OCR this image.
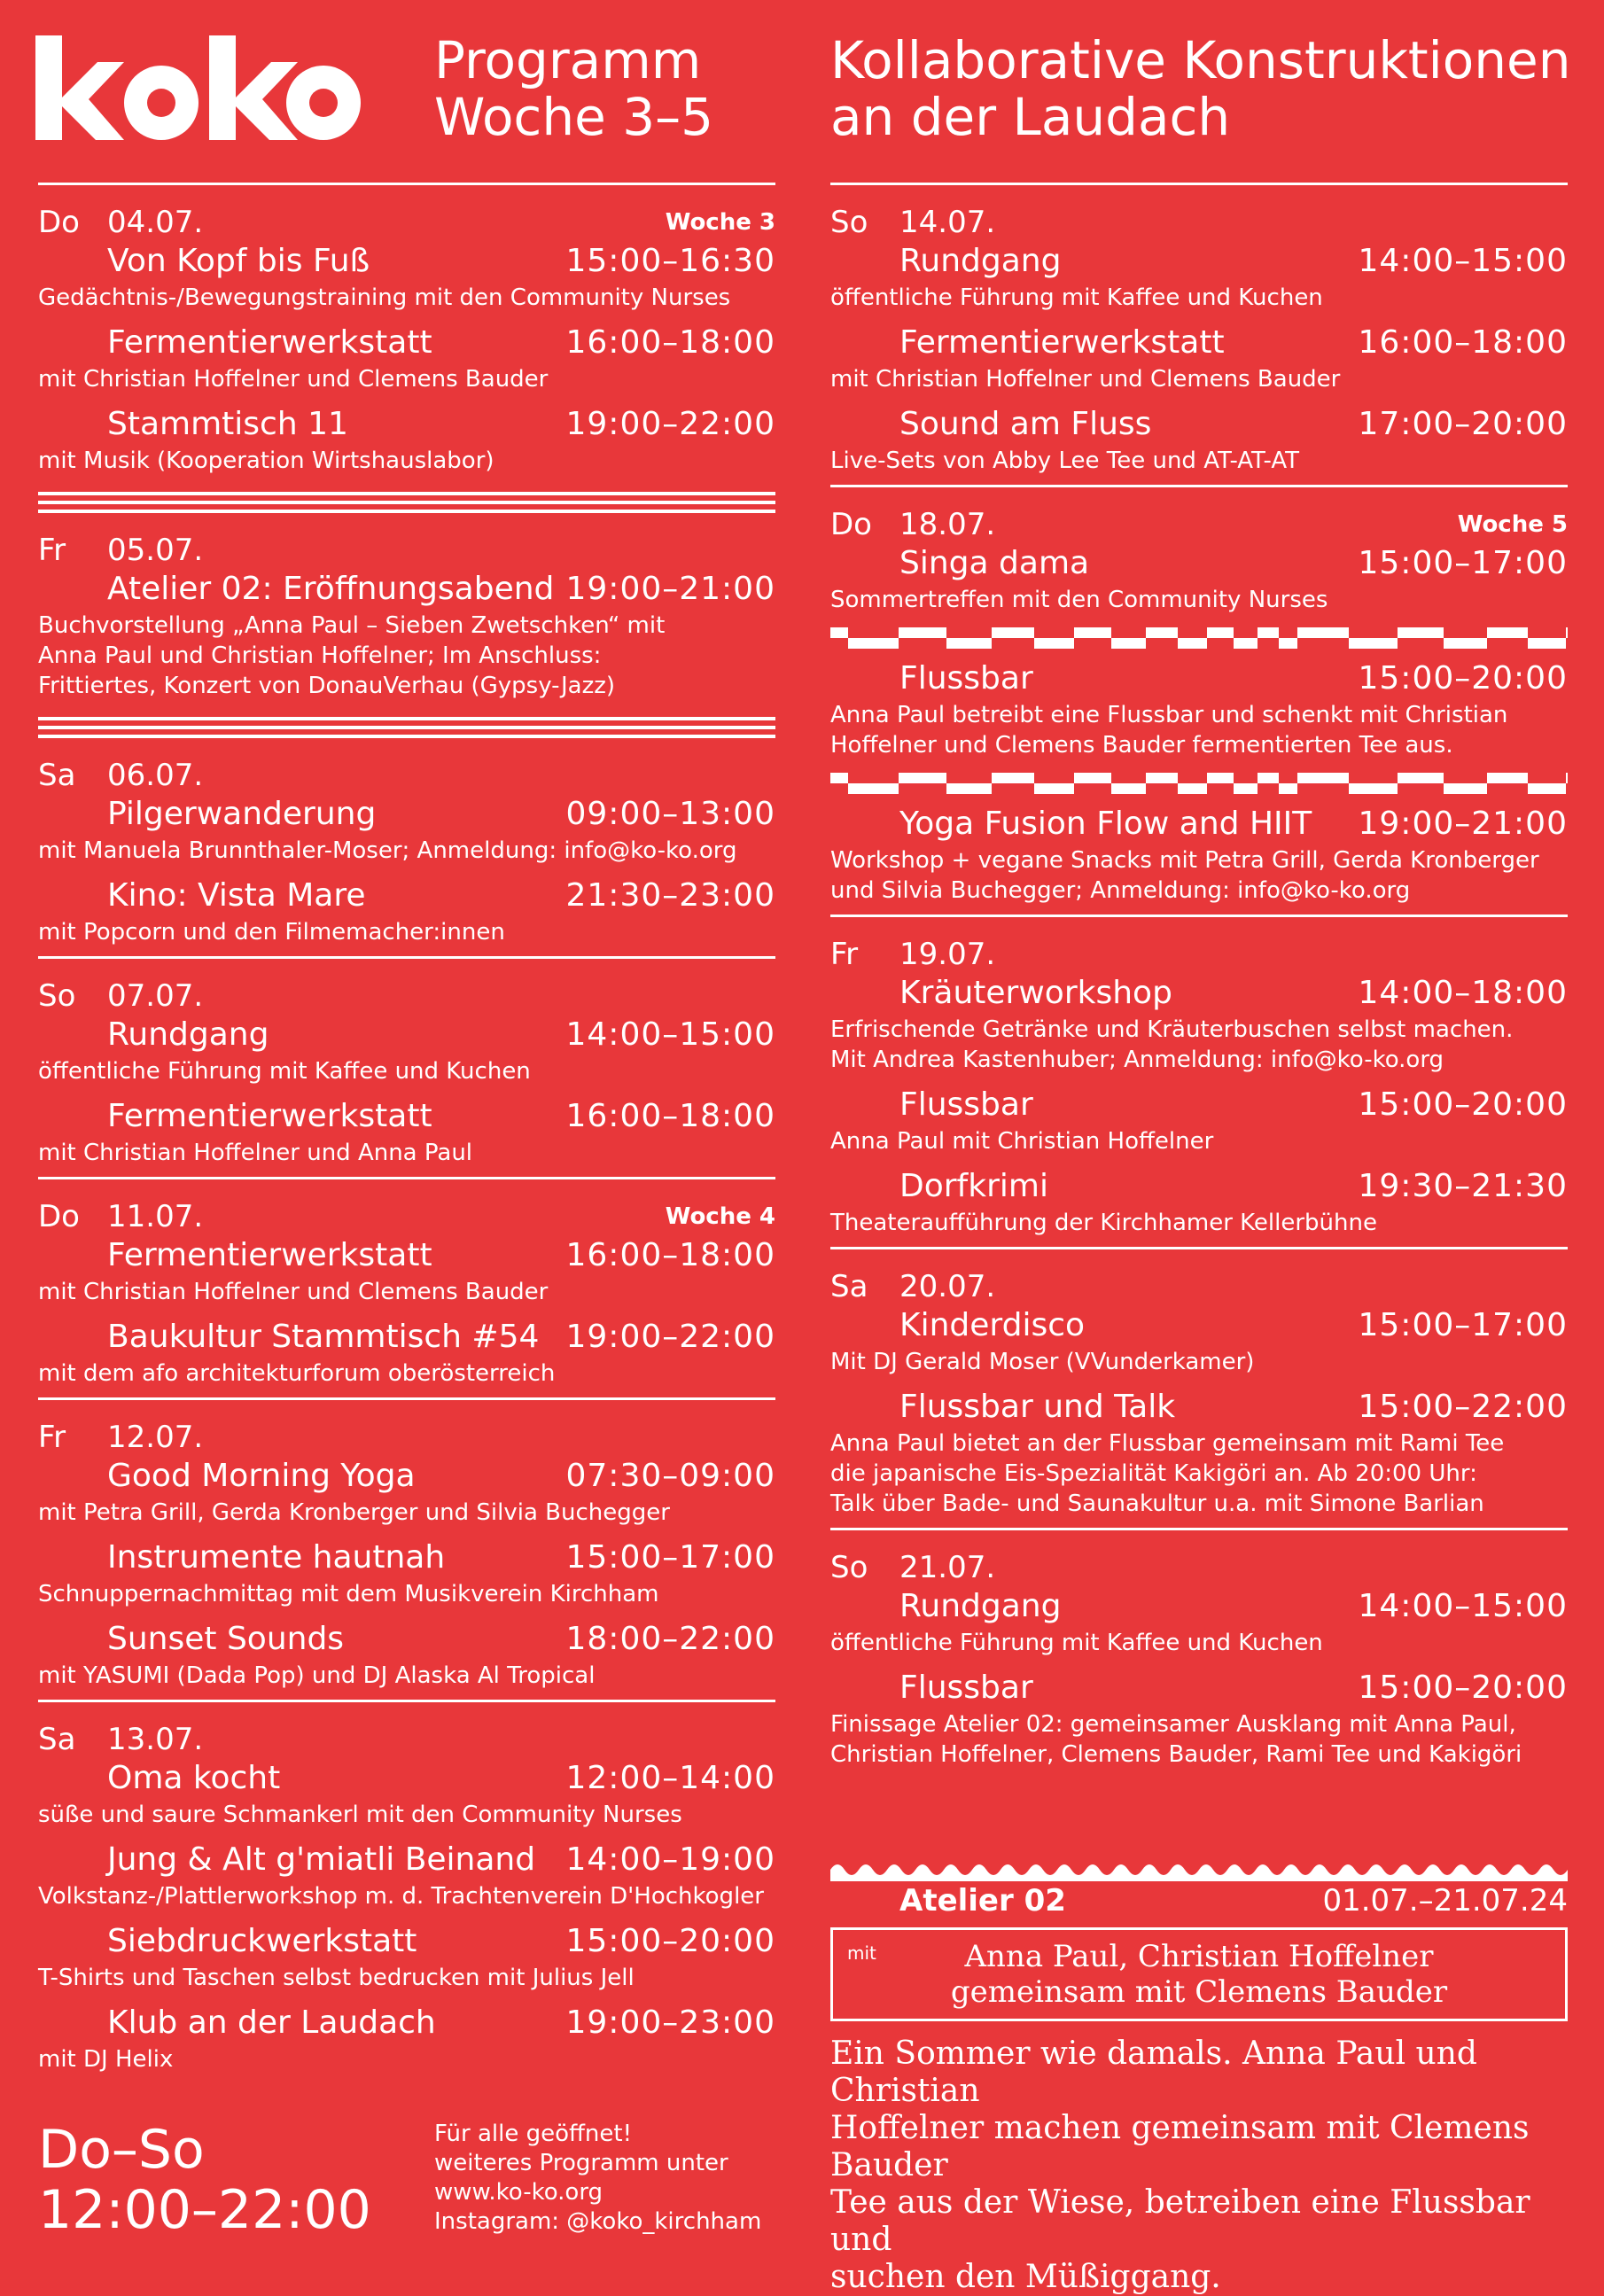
Programm
Woche 3–5
Kollaborative Konstruktionen
an der Laudach
Do 04.07.	Woche 3
Von Kopf bis Fuß	15:00–16:30
Gedächtnis-/Bewegungstraining mit den Community Nurses
Fermentierwerkstatt	16:00–18:00
mit Christian Hoffelner und Clemens Bauder
Stammtisch 11	19:00–22:00
mit Musik (Kooperation Wirtshauslabor)
Fr 05.07.
Atelier 02: Eröffnungsabend 19:00–21:00
Buchvorstellung „Anna Paul – Sieben Zwetschken“ mit
Anna Paul und Christian Hoffelner; Im Anschluss:
Frittiertes, Konzert von DonauVerhau (Gypsy-Jazz)
Sa 06.07.
Pilgerwanderung	09:00–13:00
mit Manuela Brunnthaler-Moser; Anmeldung: info@ko-ko.org
Kino: Vista Mare	21:30–23:00
mit Popcorn und den Filmemacher:innen
So 07.07.
Rundgang	14:00–15:00
öffentliche Führung mit Kaffee und Kuchen
Fermentierwerkstatt	16:00–18:00
mit Christian Hoffelner und Anna Paul
Do 11.07.	Woche 4
Fermentierwerkstatt	16:00–18:00
mit Christian Hoffelner und Clemens Bauder
Baukultur Stammtisch #54 19:00–22:00
mit dem afo architekturforum oberösterreich
Fr 12.07.
Good Morning Yoga	07:30–09:00
mit Petra Grill, Gerda Kronberger und Silvia Buchegger
Instrumente hautnah	15:00–17:00
Schnuppernachmittag mit dem Musikverein Kirchham
Sunset Sounds	18:00–22:00
mit YASUMI (Dada Pop) und DJ Alaska Al Tropical
Sa 13.07.
Oma kocht	12:00–14:00
süße und saure Schmankerl mit den Community Nurses
Jung & Alt g'miatli Beinand 14:00–19:00
Volkstanz-/Plattlerworkshop m. d. Trachtenverein D'Hochkogler
Siebdruckwerkstatt	15:00–20:00
T-Shirts und Taschen selbst bedrucken mit Julius Jell
Klub an der Laudach	19:00–23:00
mit DJ Helix
So 14.07.
Rundgang	14:00–15:00
öffentliche Führung mit Kaffee und Kuchen
Fermentierwerkstatt	16:00–18:00
mit Christian Hoffelner und Clemens Bauder
Sound am Fluss	17:00–20:00
Live-Sets von Abby Lee Tee und AT-AT-AT
Do 18.07.	Woche 5
Singa dama	15:00–17:00
Sommertreffen mit den Community Nurses
Flussbar	15:00–20:00
Anna Paul betreibt eine Flussbar und schenkt mit Christian
Hoffelner und Clemens Bauder fermentierten Tee aus.
Yoga Fusion Flow and HIIT 19:00–21:00
Workshop + vegane Snacks mit Petra Grill, Gerda Kronberger
und Silvia Buchegger; Anmeldung: info@ko-ko.org
Fr 19.07.
Kräuterworkshop	14:00–18:00
Erfrischende Getränke und Kräuterbuschen selbst machen.
Mit Andrea Kastenhuber; Anmeldung: info@ko-ko.org
Flussbar	15:00–20:00
Anna Paul mit Christian Hoffelner
Dorfkrimi	19:30–21:30
Theateraufführung der Kirchhamer Kellerbühne
Sa 20.07.
Kinderdisco	15:00–17:00
Mit DJ Gerald Moser (VVunderkamer)
Flussbar und Talk	15:00–22:00
Anna Paul bietet an der Flussbar gemeinsam mit Rami Tee
die japanische Eis-Spezialität Kakigöri an. Ab 20:00 Uhr:
Talk über Bade- und Saunakultur u.a. mit Simone Barlian
So 21.07.
Rundgang	14:00–15:00
öffentliche Führung mit Kaffee und Kuchen
Flussbar	15:00–20:00
Finissage Atelier 02: gemeinsamer Ausklang mit Anna Paul,
Christian Hoffelner, Clemens Bauder, Rami Tee und Kakigöri
Atelier 02	01.07.–21.07.24
mit	Anna Paul, Christian Hoffelner
gemeinsam mit Clemens Bauder
Ein Sommer wie damals. Anna Paul und Christian
Hoffelner machen gemeinsam mit Clemens Bauder
Tee aus der Wiese, betreiben eine Flussbar und
suchen den Müßiggang.
Do–So
12:00–22:00
Für alle geöffnet!
weiteres Programm unter
www.ko-ko.org
Instagram: @koko_kirchham
